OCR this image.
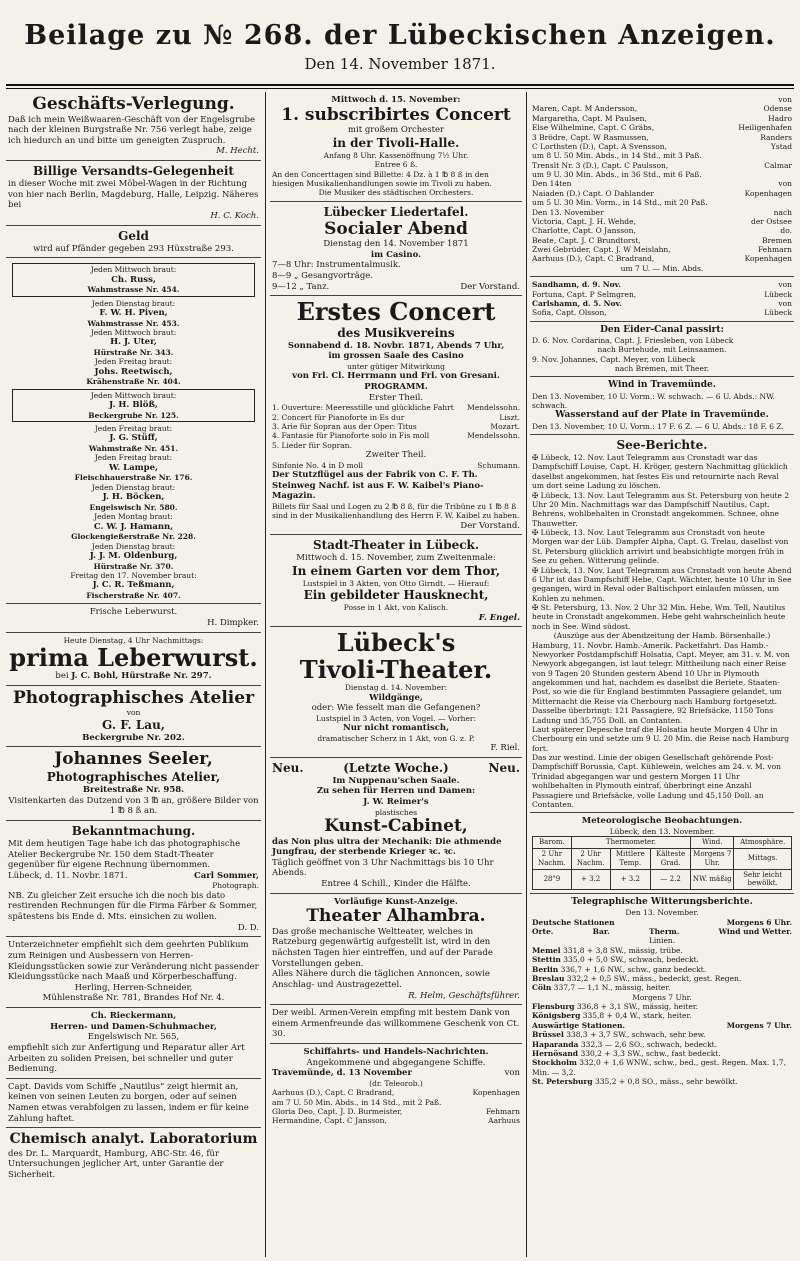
Beilage zu № 268. der Lübeckischen Anzeigen.
Den 14. November 1871.
Geschäfts-Verlegung.
Daß ich mein Weißwaaren-Geschäft von der Engelsgrube nach der kleinen Burgstraße Nr. 756 verlegt habe, zeige ich hiedurch an und bitte um geneigten Zuspruch.
M. Hecht.
Billige Versandts-Gelegenheit
in dieser Woche mit zwei Möbel-Wagen in der Richtung von hier nach Berlin, Magdeburg, Halle, Leipzig. Näheres bei
H. C. Koch.
Geld
wird auf Pfänder gegeben 293 Hüxstraße 293.
Jeden Mittwoch braut:
Ch. Russ,
Wahmstrasse Nr. 454.
Jeden Dienstag braut:
F. W. H. Piven,
Wahmstrasse Nr. 453.
Jeden Mittwoch braut:
H. J. Uter,
Hürstraße Nr. 343.
Jeden Freitag braut:
Johs. Reetwisch,
Krähenstraße Nr. 404.
Jeden Mittwoch braut:
J. H. Blöß,
Beckergrube Nr. 125.
Jeden Freitag braut:
J. G. Stüff,
Wahmstraße Nr. 451.
Jeden Freitag braut:
W. Lampe,
Fleischhauerstraße Nr. 176.
Jeden Dienstag braut:
J. H. Böcken,
Engelswisch Nr. 580.
Jeden Montag braut:
C. W. J. Hamann,
Glockengießerstraße Nr. 228.
Jeden Dienstag braut:
J. J. M. Oldenburg,
Hürstraße Nr. 370.
Freitag den 17. November braut:
J. C. R. Teßmann,
Fischerstraße Nr. 407.
Frische Leberwurst.
H. Dimpker.
Heute Dienstag, 4 Uhr Nachmittags:
prima Leberwurst.
bei J. C. Bohl, Hürstraße Nr. 297.
Photographisches Atelier
von
G. F. Lau,
Beckergrube Nr. 202.
Johannes Seeler,
Photographisches Atelier,
Breitestraße Nr. 958.
Visitenkarten das Dutzend von 3 ℔ an, größere Bilder von 1 ℔ 8 ß an.
Bekanntmachung.
Mit dem heutigen Tage habe ich das photographische Atelier Beckergrube Nr. 150 dem Stadt-Theater gegenüber für eigene Rechnung übernommen.
Lübeck, d. 11. Novbr. 1871.	Carl Sommer,
Photograph.
NB. Zu gleicher Zeit ersuche ich die noch bis dato restirenden Rechnungen für die Firma Färber & Sommer, spätestens bis Ende d. Mts. einsichen zu wollen.
D. D.
Unterzeichneter empfiehlt sich dem geehrten Publikum zum Reinigen und Ausbessern von Herren-Kleidungsstücken sowie zur Veränderung nicht passender Kleidungsstücke nach Maaß und Körperbeschaffung.
Herling, Herren-Schneider,
Mühlenstraße Nr. 781, Brandes Hof Nr. 4.
Ch. Rieckermann,
Herren- und Damen-Schuhmacher,
Engelswisch Nr. 565,
empfiehlt sich zur Anfertigung und Reparatur aller Art Arbeiten zu soliden Preisen, bei schneller und guter Bedienung.
Capt. Davids vom Schiffe „Nautilus“ zeigt hiermit an, keinen von seinen Leuten zu borgen, oder auf seinen Namen etwas verabfolgen zu lassen, indem er für keine Zahlung haftet.
Chemisch analyt. Laboratorium
des Dr. L. Marquardt, Hamburg, ABC-Str. 46, für Untersuchungen jeglicher Art, unter Garantie der Sicherheit.
Mittwoch d. 15. November:
1. subscribirtes Concert
mit großem Orchester
in der Tivoli-Halle.
Anfang 8 Uhr. Kassenöffnung 7½ Uhr.
Entree 6 ß.
An den Concerttagen sind Billette: 4 Dz. à 1 ℔ 8 ß in den hiesigen Musikalienhandlungen sowie im Tivoli zu haben.
Die Musiker des städtischen Orchesters.
Lübecker Liedertafel.
Socialer Abend
Dienstag den 14. November 1871
im Casino.
7—8 Uhr: Instrumentalmusik.
8—9 „ Gesangvorträge.
9—12 „ Tanz.	Der Vorstand.
Erstes Concert
des Musikvereins
Sonnabend d. 18. Novbr. 1871, Abends 7 Uhr,
im grossen Saale des Casino
unter gütiger Mitwirkung
von Frl. Cl. Herrmann und Frl. von Gresani.
PROGRAMM.
Erster Theil.
1. Ouverture: Meeresstille und glückliche Fahrt Mendelssohn.
2. Concert für Pianoforte in Es dur	Liszt.
3. Arie für Sopran aus der Oper: Titus	Mozart.
4. Fantasie für Pianoforte solo in Fis moll	Mendelssohn.
5. Lieder für Sopran.
Zweiter Theil.
Sinfonie No. 4 in D moll	Schumann.
Der Stutzflügel aus der Fabrik von C. F. Th. Steinweg Nachf. ist aus F. W. Kaibel's Piano-Magazin.
Billets für Saal und Logen zu 2 ℔ 8 ß, für die Tribüne zu 1 ℔ 8 ß sind in der Musikalienhandlung des Herrn F. W. Kaibel zu haben.
Der Vorstand.
Stadt-Theater in Lübeck.
Mittwoch d. 15. November, zum Zweitenmale:
In einem Garten vor dem Thor,
Lustspiel in 3 Akten, von Otto Girndt. — Hierauf:
Ein gebildeter Hausknecht,
Posse in 1 Akt, von Kalisch.
F. Engel.
Lübeck's
Tivoli-Theater.
Dienstag d. 14. November:
Wildgänge,
oder: Wie fesselt man die Gefangenen?
Lustspiel in 3 Acten, von Vogel. — Vorher:
Nur nicht romantisch,
dramatischer Scherz in 1 Akt, von G. z. P.
F. Riel.
Neu.	(Letzte Woche.)	Neu.
Im Nuppenau'schen Saale.
Zu sehen für Herren und Damen:
J. W. Reimer's
plastisches
Kunst-Cabinet,
das Non plus ultra der Mechanik: Die athmende Jungfrau, der sterbende Krieger ꝛc. ꝛc.
Täglich geöffnet von 3 Uhr Nachmittags bis 10 Uhr Abends.
Entree 4 Schill., Kinder die Hälfte.
Vorläufige Kunst-Anzeige.
Theater Alhambra.
Das große mechanische Weltteater, welches in Ratzeburg gegenwärtig aufgestellt ist, wird in den nächsten Tagen hier eintreffen, und auf der Parade Vorstellungen geben.
Alles Nähere durch die täglichen Annoncen, sowie Anschlag- und Austragezettel.
R. Helm, Geschäftsführer.
Der weibl. Armen-Verein empfing mit bestem Dank von einem Armenfreunde das willkommene Geschenk von Ct. 30.
Schiffahrts- und Handels-Nachrichten.
Angekommene und abgegangene Schiffe.
Travemünde, d. 13 November	von
(dr. Teleorob.)
Aarhuus (D.), Capt. C Bradrand,	Kopenhagen
am 7 U. 50 Min. Abds., in 14 Std., mit 2 Paß.
Gloria Deo, Capt. J. D. Burmeister,	Fehmarn
Hermandine, Capt. C Jansson,	Aarhuus
von
Maren, Capt. M Andersson,	Odense
Margaretha, Capt. M Paulsen,	Hadro
Else Wilhelmine, Capt. C Gräbs,	Heiligenhafen
3 Brödre, Capt. W Rasmussen,	Randers
C Lorthsten (D.), Capt. A Svensson,	Ystad
um 8 U. 50 Min. Abds., in 14 Std., mit 3 Paß.
Trenslt Nr. 3 (D.), Capt. C Paulsson,	Calmar
um 9 U. 30 Min. Abds., in 36 Std., mit 6 Paß.
Den 14ten	von
Naiaden (D.) Capt. O Dahlander	Kopenhagen
um 5 U. 30 Min. Vorm., in 14 Std., mit 20 Paß.
Den 13. November	nach
Victoria, Capt. J. H. Wehde,	der Ostsee
Charlotte, Capt. O Jansson,	do.
Beate, Capt. J. C Brundtorst,	Bremen
Zwei Gebrüder, Capt. J. W Meislahn,	Fehmarn
Aarhuus (D.), Capt. C Bradrand,	Kopenhagen
um 7 U. — Min. Abds.
Sandhamn, d. 9. Nov.	von
Fortuna, Capt. P Selmgren,	Lübeck
Carlshamn, d. 5. Nov.	von
Sofia, Capt. Olsson,	Lübeck
Den Eider-Canal passirt:
D. 6. Nov. Cordarina, Capt. J. Friesleben, von Lübeck
nach Burtehude, mit Leinsaamen.
9. Nov. Johannes, Capt. Meyer, von Lübeck
nach Bremen, mit Theer.
Wind in Travemünde.
Den 13. November, 10 U. Vorm.: W. schwach. — 6 U. Abds.: NW. schwach.
Wasserstand auf der Plate in Travemünde.
Den 13. November, 10 U. Vorm.: 17 F. 6 Z. — 6 U. Abds.: 18 F. 6 Z.
See-Berichte.
✠ Lübeck, 12. Nov. Laut Telegramm aus Cronstadt war das Dampfschiff Louise, Capt. H. Kröger, gestern Nachmittag glücklich daselbst angekommen, hat festes Eis und retournirte nach Reval um dort seine Ladung zu löschen.
✠ Lübeck, 13. Nov. Laut Telegramm aus St. Petersburg von heute 2 Uhr 20 Min. Nachmittags war das Dampfschiff Nautilus, Capt. Behrens, wohlbehalten in Cronstadt angekommen. Schnee, ohne Thauwetter.
✠ Lübeck, 13. Nov. Laut Telegramm aus Cronstadt von heute Morgen war der Lüb. Dampfer Alpha, Capt. G. Trelau, daselbst von St. Petersburg glücklich arrivirt und beabsichtigte morgen früh in See zu gehen. Witterung gelinde.
✠ Lübeck, 13. Nov. Laut Telegramm aus Cronstadt von heute Abend 6 Uhr ist das Dampfschiff Hebe, Capt. Wächter, heute 10 Uhr in See gegangen, wird in Reval oder Baltischport einlaufen müssen, um Kohlen zu nehmen.
✠ St. Petersburg, 13. Nov. 2 Uhr 32 Min. Hebe, Wm. Tell, Nautilus heute in Cronstadt angekommen. Hebe geht wahrscheinlich heute noch in See. Wind südost.
(Auszüge aus der Abendzeitung der Hamb. Börsenhalle.)
Hamburg, 11. Novbr. Hamb.-Amerik. Packetfahrt. Das Hamb.-Newyorker Postdampfschiff Holsatia, Capt. Meyer, am 31. v. M. von Newyork abgegangen, ist laut telegr. Mittheilung nach einer Reise von 9 Tagen 20 Stunden gestern Abend 10 Uhr in Plymouth angekommen und hat, nachdem es daselbst die Beriete, Staaten-Post, so wie die für England bestimmten Passagiere gelandet, um Mitternacht die Reise via Cherbourg nach Hamburg fortgesetzt.
Dasselbe überbringt: 121 Passagiere, 92 Briefsäcke, 1150 Tons Ladung und 35,755 Doll. an Contanten.
Laut späterer Depesche traf die Holsatia heute Morgen 4 Uhr in Cherbourg ein und setzte um 9 U. 20 Min. die Reise nach Hamburg fort.
Das zur westind. Linie der obigen Gesellschaft gehörende Post-Dampfschiff Borussia, Capt. Kühlewein, welches am 24. v. M. von Trinidad abgegangen war und gestern Morgen 11 Uhr wohlbehalten in Plymouth eintraf, überbringt eine Anzahl Passagiere und Briefsäcke, volle Ladung und 45,150 Doll. an Contanten.
Meteorologische Beobachtungen.
Lübeck, den 13. November.
Barom.	Thermometer.			Wind.	Atmosphäre.
2 Uhr Nachm.	2 Uhr Nachm.	Mittlere Temp.	Kälteste Grad.	Morgens 7 Uhr.	Mittags.
28"9	+ 3.2	+ 3.2	— 2.2	NW. mäßig	Sehr leicht bewölkt.
Telegraphische Witterungsberichte.
Den 13. November.
Deutsche Stationen	Morgens 6 Uhr.
Orte.	Bar.	Therm.	Wind und Wetter.
Linien.
Memel 331,8 + 3,8 SW., mässig, trübe.
Stettin 335,0 + 5,0 SW., schwach, bedeckt.
Berlin 336,7 + 1,6 NW., schw., ganz bedeckt.
Breslau 332,2 + 0,5 SW., mäss., bedeckt, gest. Regen.
Cöln 337,7 — 1,1 N., mässig, heiter.
Morgens 7 Uhr.
Flensburg 336,8 + 3,1 SW., mässig, heiter.
Königsberg 335,8 + 0,4 W., stark, heiter.
Auswärtige Stationen.	Morgens 7 Uhr.
Brüssel 338,3 + 3,7 SW., schwach, sehr bew.
Haparanda 332,3 — 2,6 SO., schwach, bedeckt.
Hernösand 330,2 + 3,3 SW., schw., fast bedeckt.
Stockholm 332,0 + 1,6 WNW., schw., bed., gest. Regen. Max. 1,7, Min. — 3,2.
St. Petersburg 335,2 + 0,8 SO., mäss., sehr bewölkt.
